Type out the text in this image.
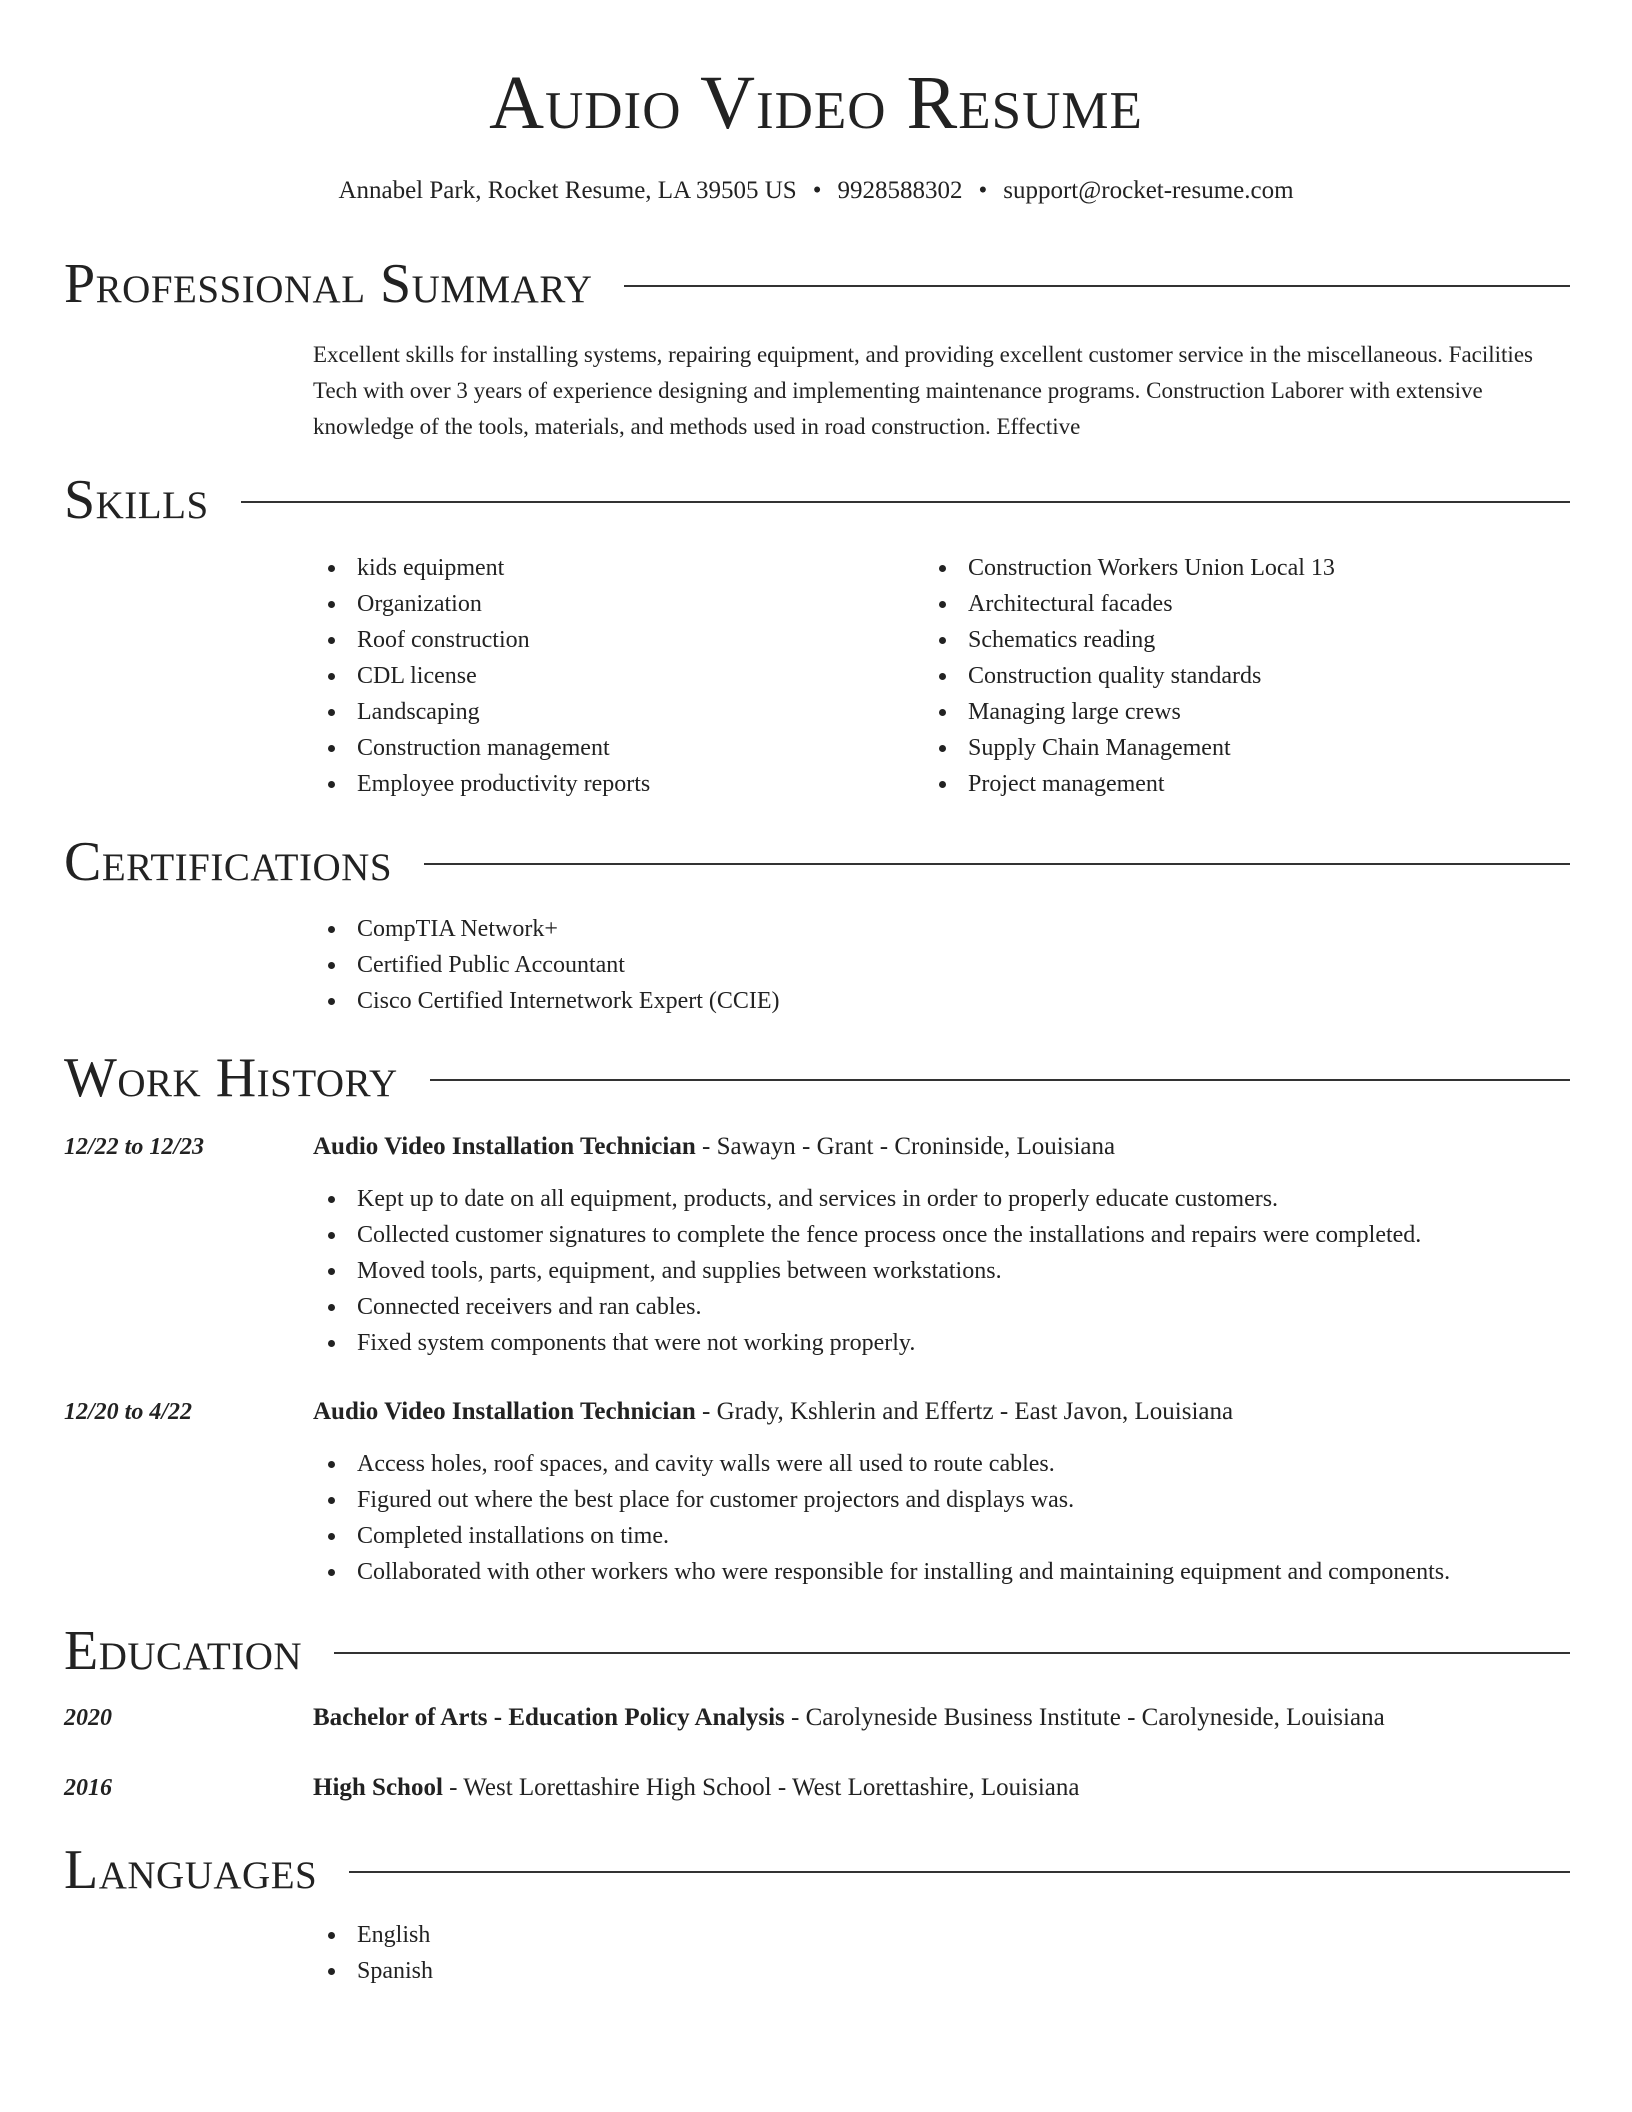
Audio Video Resume
Annabel Park, Rocket Resume, LA 39505 US • 9928588302 • support@rocket-resume.com
Professional Summary
Excellent skills for installing systems, repairing equipment, and providing excellent customer service in the miscellaneous. Facilities Tech with over 3 years of experience designing and implementing maintenance programs. Construction Laborer with extensive knowledge of the tools, materials, and methods used in road construction. Effective
Skills
kids equipment
Organization
Roof construction
CDL license
Landscaping
Construction management
Employee productivity reports
Construction Workers Union Local 13
Architectural facades
Schematics reading
Construction quality standards
Managing large crews
Supply Chain Management
Project management
Certifications
CompTIA Network+
Certified Public Accountant
Cisco Certified Internetwork Expert (CCIE)
Work History
12/22 to 12/23	Audio Video Installation Technician - Sawayn - Grant - Croninside, Louisiana
Kept up to date on all equipment, products, and services in order to properly educate customers.
Collected customer signatures to complete the fence process once the installations and repairs were completed.
Moved tools, parts, equipment, and supplies between workstations.
Connected receivers and ran cables.
Fixed system components that were not working properly.
12/20 to 4/22	Audio Video Installation Technician - Grady, Kshlerin and Effertz - East Javon, Louisiana
Access holes, roof spaces, and cavity walls were all used to route cables.
Figured out where the best place for customer projectors and displays was.
Completed installations on time.
Collaborated with other workers who were responsible for installing and maintaining equipment and components.
Education
2020	Bachelor of Arts - Education Policy Analysis - Carolyneside Business Institute - Carolyneside, Louisiana
2016	High School - West Lorettashire High School - West Lorettashire, Louisiana
Languages
English
Spanish
